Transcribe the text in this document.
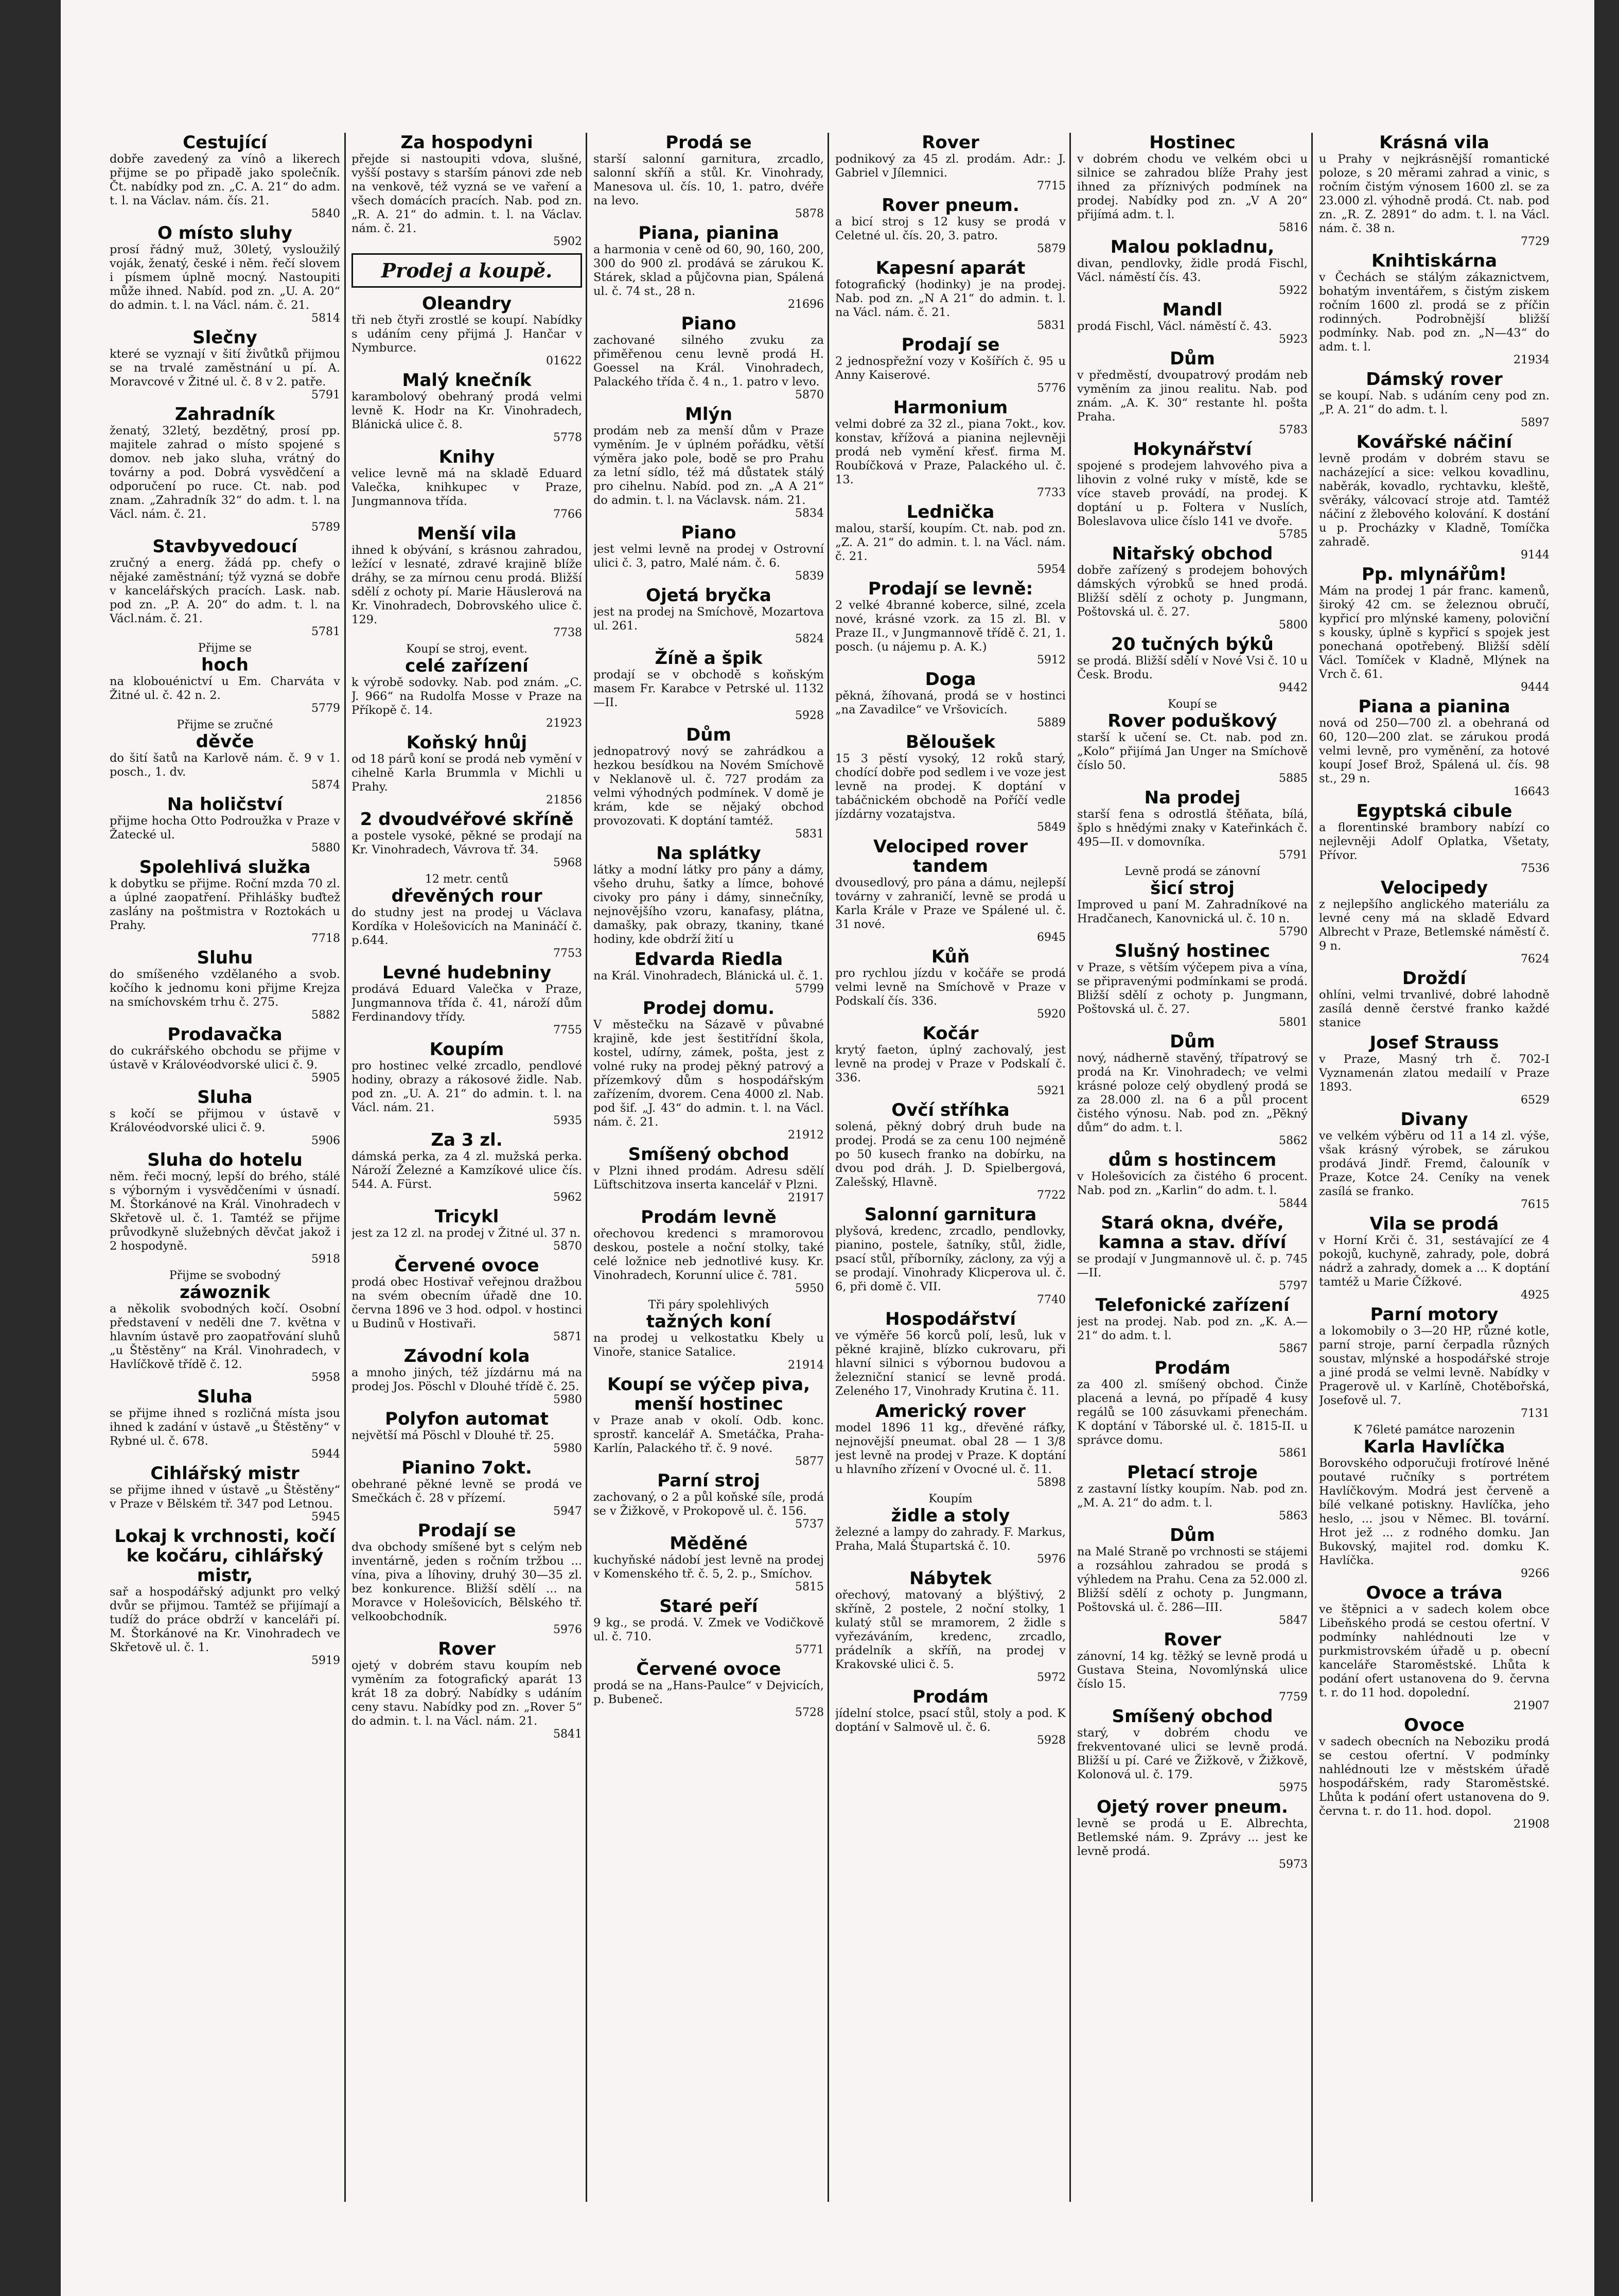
Cestující

dobře zavedený za vínô a likerech přijme se po připadě jako společník. Čt. nabídky pod zn. „C. A. 21“ do adm. t. l. na Václav. nám. čís. 21.

5840
O místo sluhy

prosí řádný muž, 30letý, vysloužilý voják, ženatý, české i něm. řečí slovem i písmem úplně mocný. Nastoupiti může ihned. Nabíd. pod zn. „U. A. 20“ do admin. t. l. na Václ. nám. č. 21.

5814
Slečny

které se vyznají v šití živůtků přijmou se na trvalé zaměstnání u pí. A. Moravcové v Žitné ul. č. 8 v 2. patře.

5791
Zahradník

ženatý, 32letý, bezdětný, prosí pp. majitele zahrad o místo spojené s domov. neb jako sluha, vrátný do továrny a pod. Dobrá vysvědčení a odporučení po ruce. Ct. nab. pod znam. „Zahradník 32“ do adm. t. l. na Václ. nám. č. 21.

5789
Stavbyvedoucí

zručný a energ. žádá pp. chefy o nějaké zaměstnání; týž vyzná se dobře v kancelářských pracích. Lask. nab. pod zn. „P. A. 20“ do adm. t. l. na Václ.nám. č. 21.

5781

Přijme se

hoch

na klobouénictví u Em. Charváta v Žitné ul. č. 42 n. 2.

5779

Přijme se zručné

děvče

do šití šatů na Karlově nám. č. 9 v 1. posch., 1. dv.

5874
Na holičství

přijme hocha Otto Podroužka v Praze v Žatecké ul.

5880
Spolehlivá služka

k dobytku se přijme. Roční mzda 70 zl. a úplné zaopatření. Přihlášky buďtež zaslány na poštmistra v Roztokách u Prahy.

7718
Sluhu

do smíšeného vzdělaného a svob. kočího k jednomu koni přijme Krejza na smíchovském trhu č. 275.

5882
Prodavačka

do cukrářského obchodu se přijme v ústavě v Královéodvorské ulici č. 9.

5905
Sluha

s kočí se přijmou v ústavě v Královéodvorské ulici č. 9.

5906
Sluha do hotelu

něm. řeči mocný, lepší do brého, stálé s výborným i vysvědčeními v úsnadí. M. Štorkánové na Král. Vinohradech v Skřetově ul. č. 1. Tamtéž se přijme průvodkyně služebných děvčat jakož i 2 hospodyně.

5918

Přijme se svobodný

záwoznik

a několik svobodných kočí. Osobní představení v neděli dne 7. května v hlavním ústavě pro zaopatřování sluhů „u Štěstěny“ na Král. Vinohradech, v Havlíčkově třídě č. 12.

5958
Sluha

se přijme ihned s rozličná místa jsou ihned k zadání v ústavě „u Štěstěny“ v Rybné ul. č. 678.

5944
Cihlářský mistr

se přijme ihned v ústavě „u Štěstěny“ v Praze v Bělském tř. 347 pod Letnou.

5945
Lokaj k vrchnosti, kočí ke kočáru, cihlářský mistr,

sař a hospodářský adjunkt pro velký dvůr se přijmou. Tamtéž se přijímají a tudíž do práce obdrží v kanceláři pí. M. Štorkánové na Kr. Vinohradech ve Skřetově ul. č. 1.

5919
Za hospodyni

přejde si nastoupiti vdova, slušné, vyšší postavy s starším pánovi zde neb na venkově, též vyzná se ve vaření a všech domácích pracích. Nab. pod zn. „R. A. 21“ do admin. t. l. na Václav. nám. č. 21.

5902
Prodej a koupě.
Oleandry

tři neb čtyři zrostlé se koupí. Nabídky s udáním ceny přijmá J. Hančar v Nymburce.

01622
Malý knečník

karambolový obehraný prodá velmi levně K. Hodr na Kr. Vinohradech, Blánická ulice č. 8.

5778
Knihy

velice levně má na skladě Eduard Valečka, knihkupec v Praze, Jungmannova třída.

7766
Menší vila

ihned k obývání, s krásnou zahradou, ležící v lesnaté, zdravé krajině blíže dráhy, se za mírnou cenu prodá. Bližší sdělí z ochoty pí. Marie Häuslerová na Kr. Vinohradech, Dobrovského ulice č. 129.

7738

Koupí se stroj, event.

celé zařízení

k výrobě sodovky. Nab. pod znám. „C. J. 966“ na Rudolfa Mosse v Praze na Příkopě č. 14.

21923
Koňský hnůj

od 18 párů koní se prodá neb vymění v cihelně Karla Brummla v Michli u Prahy.

21856
2 dvoudvéřové skříně

a postele vysoké, pěkné se prodají na Kr. Vinohradech, Vávrova tř. 34.

5968

12 metr. centů

dřevěných rour

do studny jest na prodej u Václava Kordíka v Holešovicích na Manináčí č. p.644.

7753
Levné hudebniny

prodává Eduard Valečka v Praze, Jungmannova třída č. 41, nároží dům Ferdinandovy třídy.

7755
Koupím

pro hostinec velké zrcadlo, pendlové hodiny, obrazy a rákosové židle. Nab. pod zn. „U. A. 21“ do admin. t. l. na Václ. nám. 21.

5935
Za 3 zl.

dámská perka, za 4 zl. mužská perka. Nároží Železné a Kamzíkové ulice čís. 544. A. Fürst.

5962
Tricykl

jest za 12 zl. na prodej v Žitné ul. 37 n.

5870
Červené ovoce

prodá obec Hostivař veřejnou dražbou na svém obecním úřadě dne 10. června 1896 ve 3 hod. odpol. v hostinci u Budinů v Hostivaři.

5871
Závodní kola

a mnoho jiných, též jízdárnu má na prodej Jos. Pöschl v Dlouhé třídě č. 25.

5980
Polyfon automat

největší má Pöschl v Dlouhé tř. 25.

5980
Pianino 7okt.

obehrané pěkné levně se prodá ve Smečkách č. 28 v přízemí.

5947
Prodají se

dva obchody smíšené byt s celým neb inventárně, jeden s ročním tržbou ... vína, piva a líhoviny, druhý 30—35 zl. bez konkurence. Bližší sdělí ... na Moravce v Holešovicích, Bělského tř. velkoobchodník.

5976
Rover

ojetý v dobrém stavu koupím neb vyměním za fotografický aparát 13 krát 18 za dobrý. Nabídky s udáním ceny stavu. Nabídky pod zn. „Rover 5“ do admin. t. l. na Václ. nám. 21.

5841
Prodá se

starší salonní garnitura, zrcadlo, salonní skříň a stůl. Kr. Vinohrady, Manesova ul. čís. 10, 1. patro, dvéře na levo.

5878
Piana, pianina

a harmonia v ceně od 60, 90, 160, 200, 300 do 900 zl. prodává se zárukou K. Stárek, sklad a půjčovna pian, Spálená ul. č. 74 st., 28 n.

21696
Piano

zachované silného zvuku za přiměřenou cenu levně prodá H. Goessel na Král. Vinohradech, Palackého třída č. 4 n., 1. patro v levo.

5870
Mlýn

prodám neb za menší dům v Praze vyměním. Je v úplném pořádku, větší výměra jako pole, bodě se pro Prahu za letní sídlo, též má důstatek stálý pro cihelnu. Nabíd. pod zn. „A A 21“ do admin. t. l. na Václavsk. nám. 21.

5834
Piano

jest velmi levně na prodej v Ostrovní ulici č. 3, patro, Malé nám. č. 6.

5839
Ojetá bryčka

jest na prodej na Smíchově, Mozartova ul. 261.

5824
Žíně a špik

prodají se v obchodě s koňským masem Fr. Karabce v Petrské ul. 1132—II.

5928
Dům

jednopatrový nový se zahrádkou a hezkou besídkou na Novém Smíchově v Neklanově ul. č. 727 prodám za velmi výhodných podmínek. V domě je krám, kde se nějaký obchod provozovati. K doptání tamtéž.

5831
Na splátky

látky a modní látky pro pány a dámy, všeho druhu, šatky a límce, bohové civoky pro pány i dámy, sinnečníky, nejnovějšího vzoru, kanafasy, plátna, damašky, pak obrazy, tkaniny, tkané hodiny, kde obdrží žití u

Edvarda Riedla

na Král. Vinohradech, Blánická ul. č. 1.

5799
Prodej domu.

V městečku na Sázavě v půvabné krajině, kde jest šestitřídní škola, kostel, udírny, zámek, pošta, jest z volné ruky na prodej pěkný patrový a přízemkový dům s hospodářským zařízením, dvorem. Cena 4000 zl. Nab. pod šif. „J. 43“ do admin. t. l. na Václ. nám. č. 21.

21912
Smíšený obchod

v Plzni ihned prodám. Adresu sdělí Lüftschitzova inserta kancelář v Plzni.

21917
Prodám levně

ořechovou kredenci s mramorovou deskou, postele a noční stolky, také celé ložnice neb jednotlivé kusy. Kr. Vinohradech, Korunní ulice č. 781.

5950

Tři páry spolehlivých

tažných koní

na prodej u velkostatku Kbely u Vinoře, stanice Satalice.

21914
Koupí se výčep piva, menší hostinec

v Praze anab v okolí. Odb. konc. sprostř. kancelář A. Smetáčka, Praha-Karlín, Palackého tř. č. 9 nové.

5877
Parní stroj

zachovaný, o 2 a půl koňské síle, prodá se v Žižkově, v Prokopově ul. č. 156.

5737
Měděné

kuchyňské nádobí jest levně na prodej v Komenského tř. č. 5, 2. p., Smíchov.

5815
Staré peří

9 kg., se prodá. V. Zmek ve Vodičkově ul. č. 710.

5771
Červené ovoce

prodá se na „Hans-Paulce“ v Dejvicích, p. Bubeneč.

5728
Rover

podnikový za 45 zl. prodám. Adr.: J. Gabriel v Jílemnici.

7715
Rover pneum.

a bicí stroj s 12 kusy se prodá v Celetné ul. čís. 20, 3. patro.

5879
Kapesní aparát

fotografický (hodinky) je na prodej. Nab. pod zn. „N A 21“ do admin. t. l. na Václ. nám. č. 21.

5831
Prodají se

2 jednospřežní vozy v Košířích č. 95 u Anny Kaiserové.

5776
Harmonium

velmi dobré za 32 zl., piana 7okt., kov. konstav, křížová a pianina nejlevněji prodá neb vymění křesť. firma M. Roubíčková v Praze, Palackého ul. č. 13.

7733
Lednička

malou, starší, koupím. Ct. nab. pod zn. „Z. A. 21“ do admin. t. l. na Václ. nám. č. 21.

5954
Prodají se levně:

2 velké 4branné koberce, silné, zcela nové, krásné vzork. za 15 zl. Bl. v Praze II., v Jungmannově třídě č. 21, 1. posch. (u nájemu p. A. K.)

5912
Doga

pěkná, žíhovaná, prodá se v hostinci „na Zavadilce“ ve Vršovicích.

5889
Běloušek

15 3 pěstí vysoký, 12 roků starý, chodící dobře pod sedlem i ve voze jest levně na prodej. K doptání v tabáčnickém obchodě na Poříčí vedle jízdárny vozatajstva.

5849
Velociped rover tandem

dvousedlový, pro pána a dámu, nejlepší továrny v zahraničí, levně se prodá u Karla Krále v Praze ve Spálené ul. č. 31 nové.

6945
Kůň

pro rychlou jízdu v kočáře se prodá velmi levně na Smíchově v Praze v Podskalí čís. 336.

5920
Kočár

krytý faeton, úplný zachovalý, jest levně na prodej v Praze v Podskalí č. 336.

5921
Ovčí stříhka

solená, pěkný dobrý druh bude na prodej. Prodá se za cenu 100 nejméně po 50 kusech franko na dobírku, na dvou pod dráh. J. D. Spielbergová, Zalešský, Hlavně.

7722
Salonní garnitura

plyšová, kredenc, zrcadlo, pendlovky, pianino, postele, šatníky, stůl, židle, psací stůl, příborníky, záclony, za výj a se prodají. Vinohrady Klicperova ul. č. 6, při domě č. VII.

7740
Hospodářství

ve výměře 56 korců polí, lesů, luk v pěkné krajině, blízko cukrovaru, při hlavní silnici s výbornou budovou a železniční stanicí se levně prodá. Zeleného 17, Vinohrady Krutina č. 11.

Americký rover

model 1896 11 kg., dřevěné ráfky, nejnovější pneumat. obal 28 — 1 3/8 jest levně na prodej v Praze. K doptání u hlavního zřízení v Ovocné ul. č. 11.

5898

Koupím

židle a stoly

železné a lampy do zahrady. F. Markus, Praha, Malá Štupartská č. 10.

5976
Nábytek

ořechový, matovaný a blýštivý, 2 skříně, 2 postele, 2 noční stolky, 1 kulatý stůl se mramorem, 2 židle s vyřezáváním, kredenc, zrcadlo, prádelník a skříň, na prodej v Krakovské ulici č. 5.

5972
Prodám

jídelní stolce, psací stůl, stoly a pod. K doptání v Salmově ul. č. 6.

5928
Hostinec

v dobrém chodu ve velkém obci u silnice se zahradou blíže Prahy jest ihned za příznivých podmínek na prodej. Nabídky pod zn. „V A 20“ přijímá adm. t. l.

5816
Malou pokladnu,

divan, pendlovky, židle prodá Fischl, Václ. náměstí čís. 43.

5922
Mandl

prodá Fischl, Václ. náměstí č. 43.

5923
Dům

v předměstí, dvoupatrový prodám neb vyměním za jinou realitu. Nab. pod znám. „A. K. 30“ restante hl. pošta Praha.

5783
Hokynářství

spojené s prodejem lahvového piva a lihovin z volné ruky v místě, kde se více staveb provádí, na prodej. K doptání u p. Foltera v Nuslích, Boleslavova ulice číslo 141 ve dvoře.

5785
Nitařský obchod

dobře zařízený s prodejem bohových dámských výrobků se hned prodá. Bližší sdělí z ochoty p. Jungmann, Poštovská ul. č. 27.

5800
20 tučných býků

se prodá. Bližší sdělí v Nové Vsi č. 10 u Česk. Brodu.

9442

Koupí se

Rover poduškový

starší k učení se. Ct. nab. pod zn. „Kolo“ přijímá Jan Unger na Smíchově číslo 50.

5885
Na prodej

starší fena s odrostlá štěňata, bílá, šplo s hnědými znaky v Kateřinkách č. 495—II. v domovníka.

5791

Levně prodá se zánovní

šicí stroj

Improved u paní M. Zahradníkové na Hradčanech, Kanovnická ul. č. 10 n.

5790
Slušný hostinec

v Praze, s větším výčepem piva a vína, se připravenými podmínkami se prodá. Bližší sdělí z ochoty p. Jungmann, Poštovská ul. č. 27.

5801
Dům

nový, nádherně stavěný, třípatrový se prodá na Kr. Vinohradech; ve velmi krásné poloze celý obydlený prodá se za 28.000 zl. na 6 a půl procent čistého výnosu. Nab. pod zn. „Pěkný dům“ do adm. t. l.

5862
dům s hostincem

v Holešovicích za čistého 6 procent. Nab. pod zn. „Karlin“ do adm. t. l.

5844
Stará okna, dvéře, kamna a stav. dříví

se prodají v Jungmannově ul. č. p. 745—II.

5797
Telefonické zařízení

jest na prodej. Nab. pod zn. „K. A.—21“ do adm. t. l.

5867
Prodám

za 400 zl. smíšený obchod. Činže placená a levná, po případě 4 kusy regálů se 100 zásuvkami přenechám. K doptání v Táborské ul. č. 1815-II. u správce domu.

5861
Pletací stroje

z zastavní lístky koupím. Nab. pod zn. „M. A. 21“ do adm. t. l.

5863
Dům

na Malé Straně po vrchnosti se stájemi a rozsáhlou zahradou se prodá s výhledem na Prahu. Cena za 52.000 zl. Bližší sdělí z ochoty p. Jungmann, Poštovská ul. č. 286—III.

5847
Rover

zánovní, 14 kg. těžký se levně prodá u Gustava Steina, Novomlýnská ulice číslo 15.

7759
Smíšený obchod

starý, v dobrém chodu ve frekventované ulici se levně prodá. Bližší u pí. Caré ve Žižkově, v Žižkově, Kolonová ul. č. 179.

5975
Ojetý rover pneum.

levně se prodá u E. Albrechta, Betlemské nám. 9. Zprávy ... jest ke levně prodá.

5973
Krásná vila

u Prahy v nejkrásnější romantické poloze, s 20 měrami zahrad a vinic, s ročním čistým výnosem 1600 zl. se za 23.000 zl. výhodně prodá. Ct. nab. pod zn. „R. Z. 2891“ do adm. t. l. na Václ. nám. č. 38 n.

7729
Knihtiskárna

v Čechách se stálým zákaznictvem, bohatým inventářem, s čistým ziskem ročním 1600 zl. prodá se z příčin rodinných. Podrobnější bližší podmínky. Nab. pod zn. „N—43“ do adm. t. l.

21934
Dámský rover

se koupí. Nab. s udáním ceny pod zn. „P. A. 21“ do adm. t. l.

5897
Kovářské náčiní

levně prodám v dobrém stavu se nacházející a sice: velkou kovadlinu, naběrák, kovadlo, rychtavku, kleště, svěráky, válcovací stroje atd. Tamtéž náčiní z žlebového kolování. K dostání u p. Procházky v Kladně, Tomíčka zahradě.

9144
Pp. mlynářům!

Mám na prodej 1 pár franc. kamenů, široký 42 cm. se železnou obručí, kypřicí pro mlýnské kameny, poloviční s kousky, úplně s kypřicí s spojek jest ponechaná opotřebený. Bližší sdělí Václ. Tomíček v Kladně, Mlýnek na Vrch č. 61.

9444
Piana a pianina

nová od 250—700 zl. a obehraná od 60, 120—200 zlat. se zárukou prodá velmi levně, pro vyměnění, za hotové koupí Josef Brož, Spálená ul. čís. 98 st., 29 n.

16643
Egyptská cibule

a florentinské brambory nabízí co nejlevněji Adolf Oplatka, Všetaty, Přívor.

7536
Velocipedy

z nejlepšího anglického materiálu za levné ceny má na skladě Edvard Albrecht v Praze, Betlemské náměstí č. 9 n.

7624
Droždí

ohlíni, velmi trvanlivé, dobré lahodně zasílá denně čerstvé franko každé stanice

Josef Strauss

v Praze, Masný trh č. 702-I Vyznamenán zlatou medailí v Praze 1893.

6529
Divany

ve velkém výběru od 11 a 14 zl. výše, však krásný výrobek, se zárukou prodává Jindř. Fremd, čalouník v Praze, Kotce 24. Ceníky na venek zasílá se franko.

7615
Vila se prodá

v Horní Krči č. 31, sestávající ze 4 pokojů, kuchyně, zahrady, pole, dobrá nádrž a zahrady, domek a ... K doptání tamtéž u Marie Čížkové.

4925
Parní motory

a lokomobily o 3—20 HP, různé kotle, parní stroje, parní čerpadla různých soustav, mlýnské a hospodářské stroje a jiné prodá se velmi levně. Nabídky v Pragerově ul. v Karlíně, Chotěbořská, Josefově ul. 7.

7131

K 76leté památce narozenin

Karla Havlíčka

Borovského odporučuji frotírové lněné poutavé ručníky s portrétem Havlíčkovým. Modrá jest červeně a bílé velkané potiskny. Havlíčka, jeho heslo, ... jsou v Němec. Bl. tovární. Hrot jež ... z rodného domku. Jan Bukovský, majitel rod. domku K. Havlíčka.

9266
Ovoce a tráva

ve štěpnici a v sadech kolem obce Libeňského prodá se cestou ofertní. V podmínky nahlédnouti lze v purkmistrovském úřadě u p. obecní kanceláře Staroměstské. Lhůta k podání ofert ustanovena do 9. června t. r. do 11 hod. dopolední.

21907
Ovoce

v sadech obecních na Neboziku prodá se cestou ofertní. V podmínky nahlédnouti lze v městském úřadě hospodářském, rady Staroměstské. Lhůta k podání ofert ustanovena do 9. června t. r. do 11. hod. dopol.

21908
